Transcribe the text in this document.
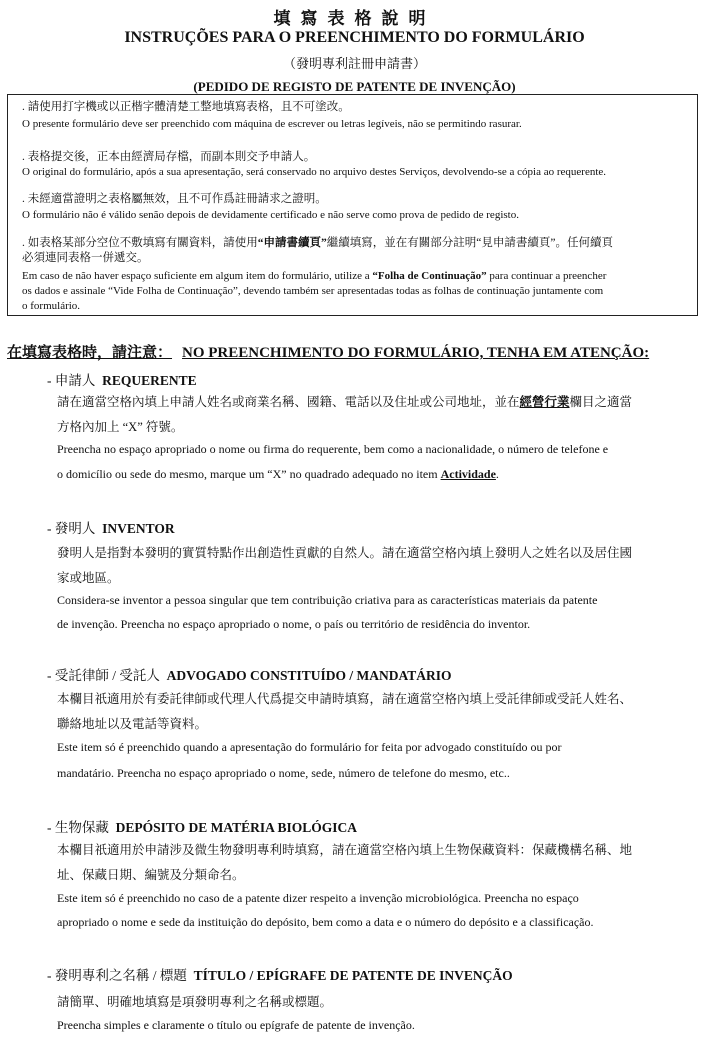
填寫表格說明
INSTRUÇÕES PARA O PREENCHIMENTO DO FORMULÁRIO
（發明專利註冊申請書）
(PEDIDO DE REGISTO DE PATENTE DE INVENÇÃO)
. 請使用打字機或以正楷字體清楚工整地填寫表格，且不可塗改。
O presente formulário deve ser preenchido com máquina de escrever ou letras legíveis, não se permitindo rasurar.
. 表格提交後，正本由經濟局存檔，而副本則交予申請人。
O original do formulário, após a sua apresentação, será conservado no arquivo destes Serviços, devolvendo-se a cópia ao requerente.
. 未經適當證明之表格屬無效，且不可作爲註冊請求之證明。
O formulário não é válido senão depois de devidamente certificado e não serve como prova de pedido de registo.
. 如表格某部分空位不敷填寫有關資料，請使用“申請書續頁”繼續填寫，並在有關部分註明“見申請書續頁”。任何續頁
必須連同表格一併遞交。
Em caso de não haver espaço suficiente em algum item do formulário, utilize a “Folha de Continuação” para continuar a preencher
os dados e assinale “Vide Folha de Continuação”, devendo também ser apresentadas todas as folhas de continuação juntamente com
o formulário.
在填寫表格時，請注意： NO PREENCHIMENTO DO FORMULÁRIO, TENHA EM ATENÇÃO:
- 申請人 REQUERENTE
請在適當空格內填上申請人姓名或商業名稱、國籍、電話以及住址或公司地址，並在經營行業欄目之適當
方格內加上 “X” 符號。
Preencha no espaço apropriado o nome ou firma do requerente, bem como a nacionalidade, o número de telefone e
o domicílio ou sede do mesmo, marque um “X” no quadrado adequado no item Actividade.
- 發明人 INVENTOR
發明人是指對本發明的實質特點作出創造性貢獻的自然人。請在適當空格內填上發明人之姓名以及居住國
家或地區。
Considera-se inventor a pessoa singular que tem contribuição criativa para as características materiais da patente
de invenção. Preencha no espaço apropriado o nome, o país ou território de residência do inventor.
- 受託律師 / 受託人 ADVOGADO CONSTITUÍDO / MANDATÁRIO
本欄目祇適用於有委託律師或代理人代爲提交申請時填寫，請在適當空格內填上受託律師或受託人姓名、
聯絡地址以及電話等資料。
Este item só é preenchido quando a apresentação do formulário for feita por advogado constituído ou por
mandatário. Preencha no espaço apropriado o nome, sede, número de telefone do mesmo, etc..
- 生物保藏 DEPÓSITO DE MATÉRIA BIOLÓGICA
本欄目祇適用於申請涉及微生物發明專利時填寫，請在適當空格內填上生物保藏資料：保藏機構名稱、地
址、保藏日期、編號及分類命名。
Este item só é preenchido no caso de a patente dizer respeito a invenção microbiológica. Preencha no espaço
apropriado o nome e sede da instituição do depósito, bem como a data e o número do depósito e a classificação.
- 發明專利之名稱 / 標題 TÍTULO / EPÍGRAFE DE PATENTE DE INVENÇÃO
請簡單、明確地填寫是項發明專利之名稱或標題。
Preencha simples e claramente o título ou epígrafe de patente de invenção.
